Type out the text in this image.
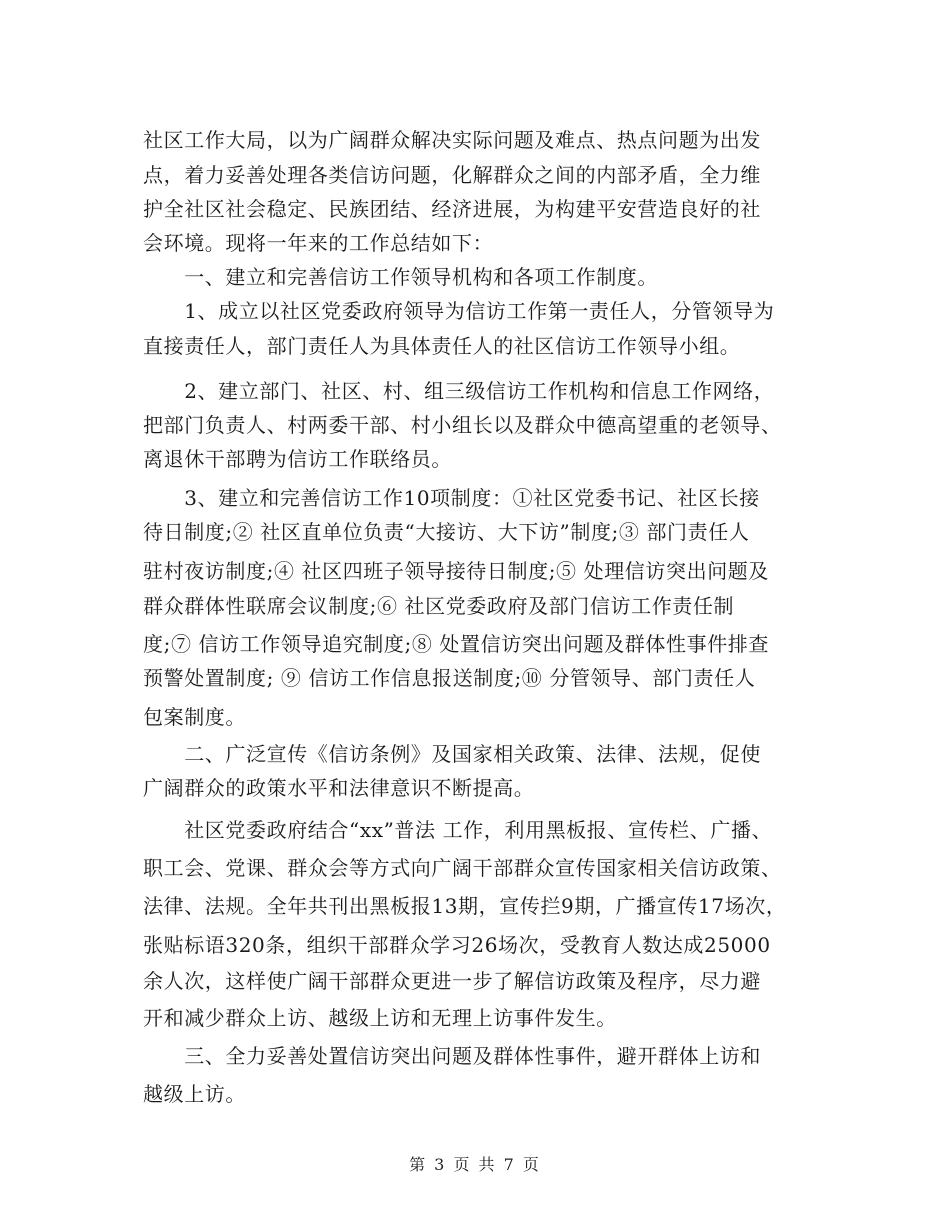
社区工作大局，以为广阔群众解决实际问题及难点、热点问题为出发
点，着力妥善处理各类信访问题，化解群众之间的内部矛盾，全力维
护全社区社会稳定、民族团结、经济进展，为构建平安营造良好的社
会环境。现将一年来的工作总结如下：
　　一、建立和完善信访工作领导机构和各项工作制度。
　　1、成立以社区党委政府领导为信访工作第一责任人，分管领导为
直接责任人，部门责任人为具体责任人的社区信访工作领导小组。
　　2、建立部门、社区、村、组三级信访工作机构和信息工作网络，
把部门负责人、村两委干部、村小组长以及群众中德高望重的老领导、
离退休干部聘为信访工作联络员。
　　3、建立和完善信访工作10项制度：①社区党委书记、社区长接
待日制度;② 社区直单位负责“大接访、大下访”制度;③ 部门责任人
驻村夜访制度;④ 社区四班子领导接待日制度;⑤ 处理信访突出问题及
群众群体性联席会议制度;⑥ 社区党委政府及部门信访工作责任制
度;⑦ 信访工作领导追究制度;⑧ 处置信访突出问题及群体性事件排查
预警处置制度; ⑨ 信访工作信息报送制度;⑩ 分管领导、部门责任人
包案制度。
　　二、广泛宣传《信访条例》及国家相关政策、法律、法规，促使
广阔群众的政策水平和法律意识不断提高。
　　社区党委政府结合“xx”普法 工作，利用黑板报、宣传栏、广播、
职工会、党课、群众会等方式向广阔干部群众宣传国家相关信访政策、
法律、法规。全年共刊出黑板报13期，宣传拦9期，广播宣传17场次，
张贴标语320条，组织干部群众学习26场次，受教育人数达成25000
余人次，这样使广阔干部群众更进一步了解信访政策及程序，尽力避
开和减少群众上访、越级上访和无理上访事件发生。
　　三、全力妥善处置信访突出问题及群体性事件，避开群体上访和
越级上访。
第 3 页 共 7 页
